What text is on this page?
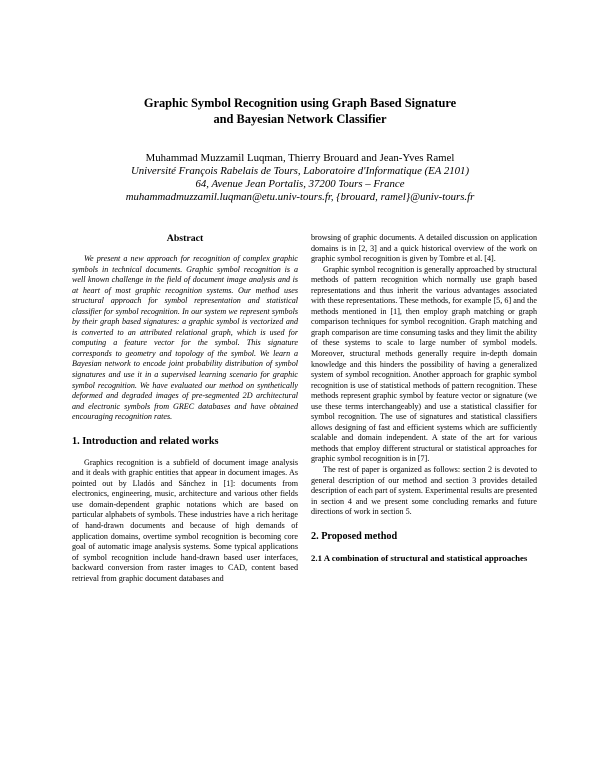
Graphic Symbol Recognition using Graph Based Signature
and Bayesian Network Classifier
Muhammad Muzzamil Luqman, Thierry Brouard and Jean-Yves Ramel
Université François Rabelais de Tours, Laboratoire d'Informatique (EA 2101)
64, Avenue Jean Portalis, 37200 Tours – France
muhammadmuzzamil.luqman@etu.univ-tours.fr, {brouard, ramel}@univ-tours.fr
Abstract

We present a new approach for recognition of complex graphic symbols in technical documents. Graphic symbol recognition is a well known challenge in the field of document image analysis and is at heart of most graphic recognition systems. Our method uses structural approach for symbol representation and statistical classifier for symbol recognition. In our system we represent symbols by their graph based signatures: a graphic symbol is vectorized and is converted to an attributed relational graph, which is used for computing a feature vector for the symbol. This signature corresponds to geometry and topology of the symbol. We learn a Bayesian network to encode joint probability distribution of symbol signatures and use it in a supervised learning scenario for graphic symbol recognition. We have evaluated our method on synthetically deformed and degraded images of pre-segmented 2D architectural and electronic symbols from GREC databases and have obtained encouraging recognition rates.

1. Introduction and related works

Graphics recognition is a subfield of document image analysis and it deals with graphic entities that appear in document images. As pointed out by Lladós and Sánchez in [1]: documents from electronics, engineering, music, architecture and various other fields use domain-dependent graphic notations which are based on particular alphabets of symbols. These industries have a rich heritage of hand-drawn documents and because of high demands of application domains, overtime symbol recognition is becoming core goal of automatic image analysis systems. Some typical applications of symbol recognition include hand-drawn based user interfaces, backward conversion from raster images to CAD, content based retrieval from graphic document databases and

browsing of graphic documents. A detailed discussion on application domains is in [2, 3] and a quick historical overview of the work on graphic symbol recognition is given by Tombre et al. [4].

Graphic symbol recognition is generally approached by structural methods of pattern recognition which normally use graph based representations and thus inherit the various advantages associated with these representations. These methods, for example [5, 6] and the methods mentioned in [1], then employ graph matching or graph comparison techniques for symbol recognition. Graph matching and graph comparison are time consuming tasks and they limit the ability of these systems to scale to large number of symbol models. Moreover, structural methods generally require in-depth domain knowledge and this hinders the possibility of having a generalized system of symbol recognition. Another approach for graphic symbol recognition is use of statistical methods of pattern recognition. These methods represent graphic symbol by feature vector or signature (we use these terms interchangeably) and use a statistical classifier for symbol recognition. The use of signatures and statistical classifiers allows designing of fast and efficient systems which are sufficiently scalable and domain independent. A state of the art for various methods that employ different structural or statistical approaches for graphic symbol recognition is in [7].

The rest of paper is organized as follows: section 2 is devoted to general description of our method and section 3 provides detailed description of each part of system. Experimental results are presented in section 4 and we present some concluding remarks and future directions of work in section 5.

2. Proposed method
2.1 A combination of structural and statistical approaches
